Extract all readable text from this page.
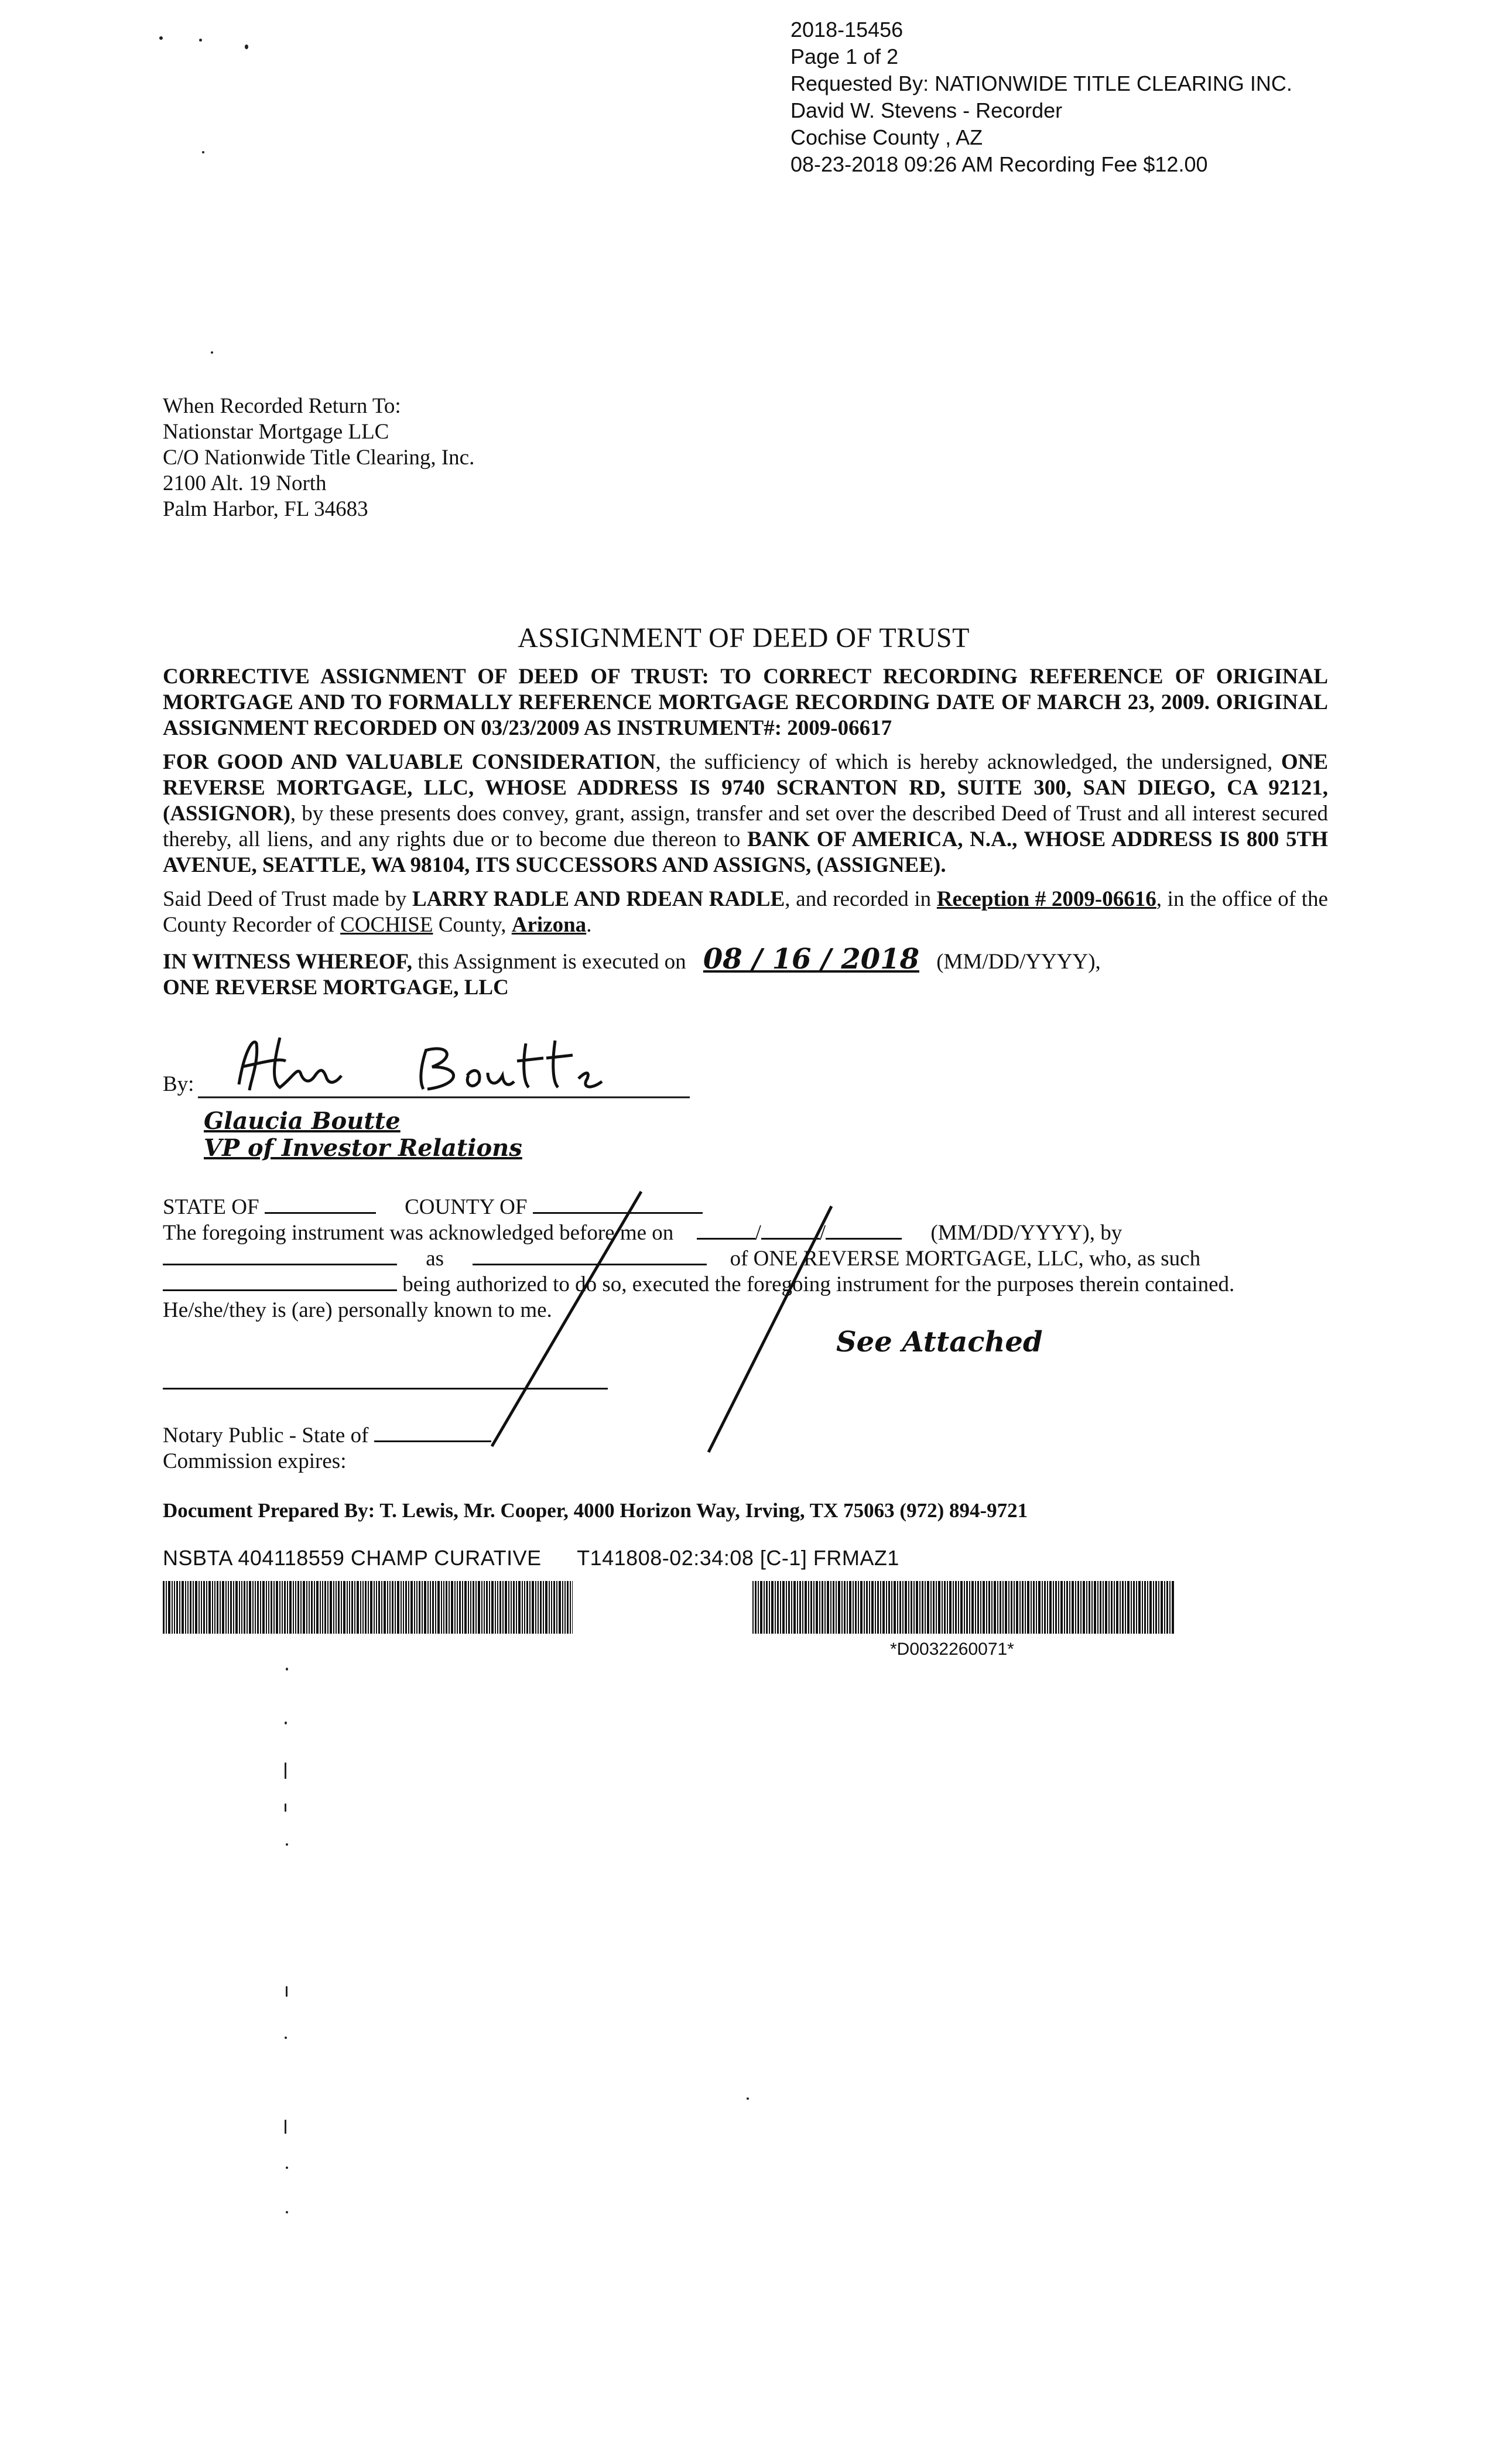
2018-15456
Page 1 of 2
Requested By: NATIONWIDE TITLE CLEARING INC.
David W. Stevens - Recorder
Cochise County , AZ
08-23-2018 09:26 AM Recording Fee $12.00
When Recorded Return To:
Nationstar Mortgage LLC
C/O Nationwide Title Clearing, Inc.
2100 Alt. 19 North
Palm Harbor, FL 34683
ASSIGNMENT OF DEED OF TRUST

CORRECTIVE ASSIGNMENT OF DEED OF TRUST: TO CORRECT RECORDING REFERENCE OF ORIGINAL MORTGAGE AND TO FORMALLY REFERENCE MORTGAGE RECORDING DATE OF MARCH 23, 2009. ORIGINAL ASSIGNMENT RECORDED ON 03/23/2009 AS INSTRUMENT#: 2009-06617

FOR GOOD AND VALUABLE CONSIDERATION, the sufficiency of which is hereby acknowledged, the undersigned, ONE REVERSE MORTGAGE, LLC, WHOSE ADDRESS IS 9740 SCRANTON RD, SUITE 300, SAN DIEGO, CA 92121, (ASSIGNOR), by these presents does convey, grant, assign, transfer and set over the described Deed of Trust and all interest secured thereby, all liens, and any rights due or to become due thereon to BANK OF AMERICA, N.A., WHOSE ADDRESS IS 800 5TH AVENUE, SEATTLE, WA 98104, ITS SUCCESSORS AND ASSIGNS, (ASSIGNEE).

Said Deed of Trust made by LARRY RADLE AND RDEAN RADLE, and recorded in Reception # 2009-06616, in the office of the County Recorder of COCHISE County, Arizona.

IN WITNESS WHEREOF, this Assignment is executed on 08 / 16 / 2018 (MM/DD/YYYY),
ONE REVERSE MORTGAGE, LLC

By:
Glaucia Boutte
VP of Investor Relations
STATE OF	COUNTY OF
The foregoing instrument was acknowledged before me on	/	/	(MM/DD/YYYY), by
as	of ONE REVERSE MORTGAGE, LLC, who, as such
being authorized to do so, executed the foregoing instrument for the purposes therein contained.
He/she/they is (are) personally known to me.
See Attached
Notary Public - State of
Commission expires:
Document Prepared By: T. Lewis, Mr. Cooper, 4000 Horizon Way, Irving, TX 75063 (972) 894-9721
NSBTA 404118559 CHAMP CURATIVE T141808-02:34:08 [C-1] FRMAZ1
*D0032260071*
